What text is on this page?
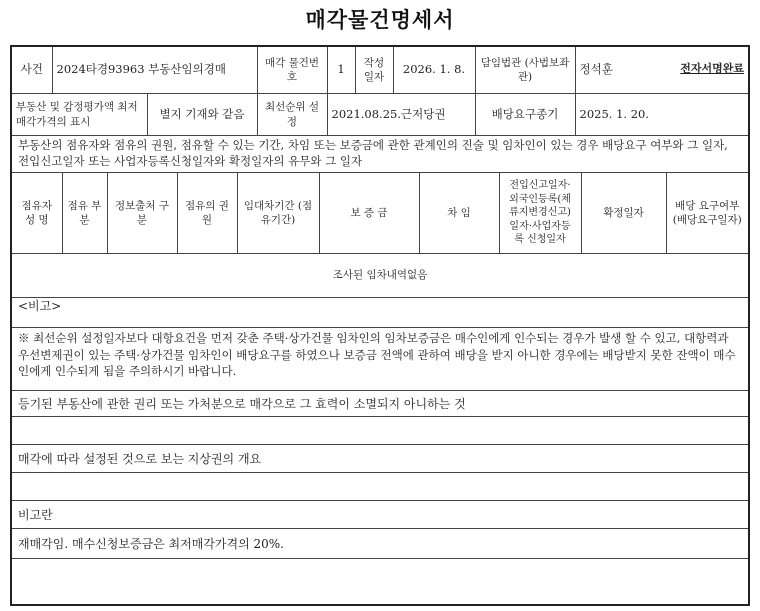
매각물건명세서
사건	2024타경93963 부동산임의경매	매각 물건번호	1	작성 일자	2026. 1. 8.	담임법관 (사법보좌관)	정석훈	전자서명완료
부동산 및 감정평가액 최저매각가격의 표시	별지 기재와 같음	최선순위 설정	2021.08.25.근저당권	배당요구종기	2025. 1. 20.
부동산의 점유자와 점유의 권원, 점유할 수 있는 기간, 차임 또는 보증금에 관한 관계인의 진술 및 임차인이 있는 경우 배당요구 여부와 그 일자, 전입신고일자 또는 사업자등록신청일자와 확정일자의 유무와 그 일자
점유자 성 명	점유 부분	정보출처 구 분	점유의 권 원	임대차기간 (점유기간)	보 증 금	차 임	전입신고일자· 외국인등록(체 류지변경신고) 일자·사업자등 록 신청일자	확정일자	배당 요구여부 (배당요구일자)
조사된 임차내역없음
<비고>
※ 최선순위 설정일자보다 대항요건을 먼저 갖춘 주택·상가건물 임차인의 임차보증금은 매수인에게 인수되는 경우가 발생 할 수 있고, 대항력과 우선변제권이 있는 주택·상가건물 임차인이 배당요구를 하였으나 보증금 전액에 관하여 배당을 받지 아니한 경우에는 배당받지 못한 잔액이 매수인에게 인수되게 됨을 주의하시기 바랍니다.
등기된 부동산에 관한 권리 또는 가처분으로 매각으로 그 효력이 소멸되지 아니하는 것
매각에 따라 설정된 것으로 보는 지상권의 개요
비고란
재매각임. 매수신청보증금은 최저매각가격의 20%.
